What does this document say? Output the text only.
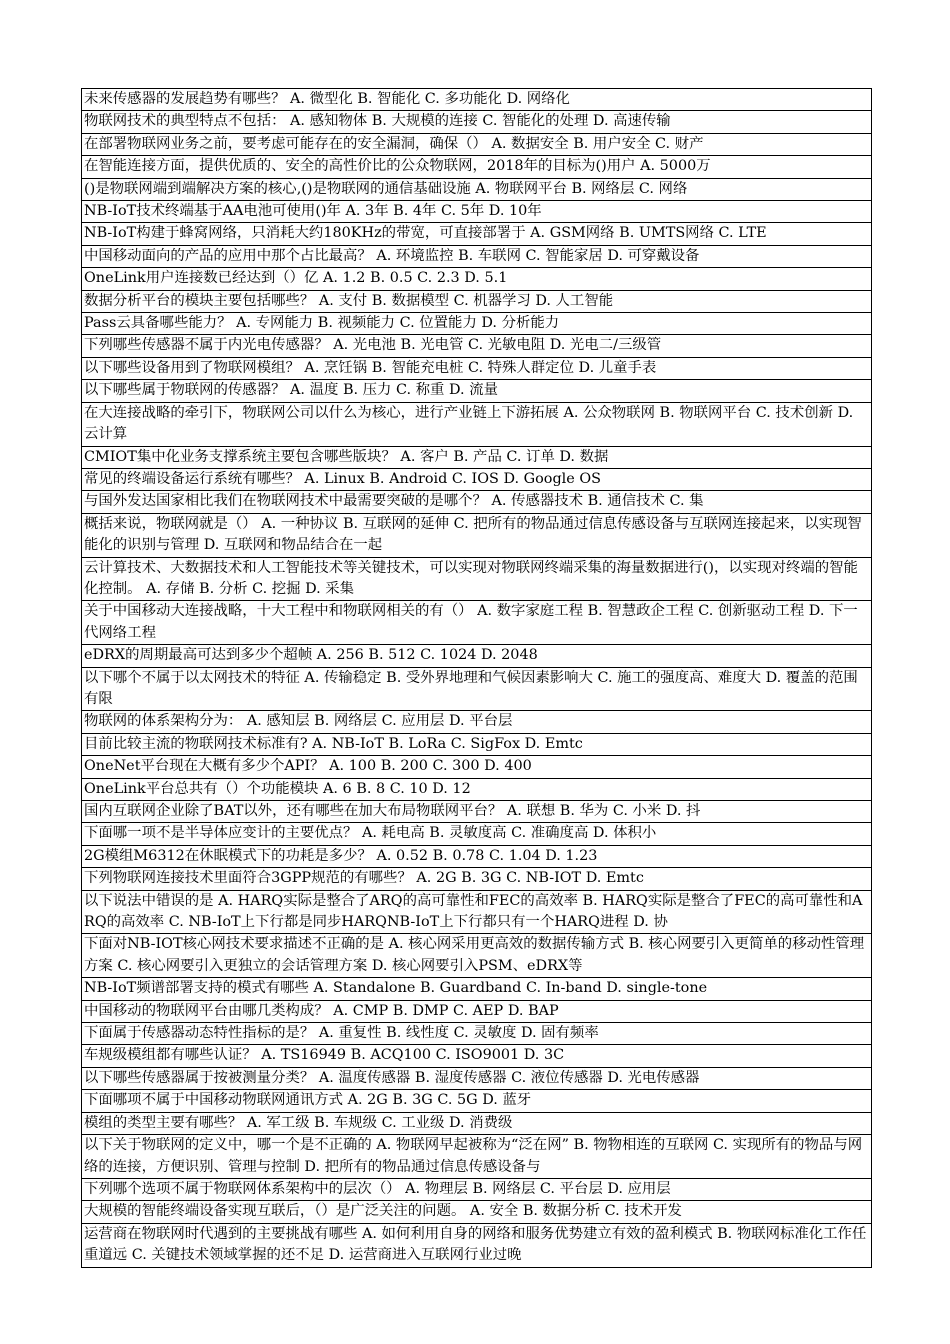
未来传感器的发展趋势有哪些？ A. 微型化 B. 智能化 C. 多功能化 D. 网络化
物联网技术的典型特点不包括： A. 感知物体 B. 大规模的连接 C. 智能化的处理 D. 高速传输
在部署物联网业务之前，要考虑可能存在的安全漏洞，确保（） A. 数据安全 B. 用户安全 C. 财产
在智能连接方面，提供优质的、安全的高性价比的公众物联网，2018年的目标为()用户 A. 5000万
()是物联网端到端解决方案的核心,()是物联网的通信基础设施 A. 物联网平台 B. 网络层 C. 网络
NB-IoT技术终端基于AA电池可使用()年 A. 3年 B. 4年 C. 5年 D. 10年
NB-IoT构建于蜂窝网络，只消耗大约180KHz的带宽，可直接部署于 A. GSM网络 B. UMTS网络 C. LTE
中国移动面向的产品的应用中那个占比最高？ A. 环境监控 B. 车联网 C. 智能家居 D. 可穿戴设备
OneLink用户连接数已经达到（）亿 A. 1.2 B. 0.5 C. 2.3 D. 5.1
数据分析平台的模块主要包括哪些？ A. 支付 B. 数据模型 C. 机器学习 D. 人工智能
Pass云具备哪些能力？ A. 专网能力 B. 视频能力 C. 位置能力 D. 分析能力
下列哪些传感器不属于内光电传感器？ A. 光电池 B. 光电管 C. 光敏电阻 D. 光电二/三级管
以下哪些设备用到了物联网模组？ A. 烹饪锅 B. 智能充电桩 C. 特殊人群定位 D. 儿童手表
以下哪些属于物联网的传感器？ A. 温度 B. 压力 C. 称重 D. 流量
在大连接战略的牵引下，物联网公司以什么为核心，进行产业链上下游拓展 A. 公众物联网 B. 物联网平台 C. 技术创新 D. 云计算
CMIOT集中化业务支撑系统主要包含哪些版块？ A. 客户 B. 产品 C. 订单 D. 数据
常见的终端设备运行系统有哪些？ A. Linux B. Android C. IOS D. Google OS
与国外发达国家相比我们在物联网技术中最需要突破的是哪个？ A. 传感器技术 B. 通信技术 C. 集
概括来说，物联网就是（） A. 一种协议 B. 互联网的延伸 C. 把所有的物品通过信息传感设备与互联网连接起来，以实现智能化的识别与管理 D. 互联网和物品结合在一起
云计算技术、大数据技术和人工智能技术等关键技术，可以实现对物联网终端采集的海量数据进行()，以实现对终端的智能化控制。 A. 存储 B. 分析 C. 挖掘 D. 采集
关于中国移动大连接战略，十大工程中和物联网相关的有（） A. 数字家庭工程 B. 智慧政企工程 C. 创新驱动工程 D. 下一代网络工程
eDRX的周期最高可达到多少个超帧 A. 256 B. 512 C. 1024 D. 2048
以下哪个不属于以太网技术的特征 A. 传输稳定 B. 受外界地理和气候因素影响大 C. 施工的强度高、难度大 D. 覆盖的范围有限
物联网的体系架构分为： A. 感知层 B. 网络层 C. 应用层 D. 平台层
目前比较主流的物联网技术标准有? A. NB-IoT B. LoRa C. SigFox D. Emtc
OneNet平台现在大概有多少个API？ A. 100 B. 200 C. 300 D. 400
OneLink平台总共有（）个功能模块 A. 6 B. 8 C. 10 D. 12
国内互联网企业除了BAT以外，还有哪些在加大布局物联网平台？ A. 联想 B. 华为 C. 小米 D. 抖
下面哪一项不是半导体应变计的主要优点？ A. 耗电高 B. 灵敏度高 C. 准确度高 D. 体积小
2G模组M6312在休眠模式下的功耗是多少？ A. 0.52 B. 0.78 C. 1.04 D. 1.23
下列物联网连接技术里面符合3GPP规范的有哪些？ A. 2G B. 3G C. NB-IOT D. Emtc
以下说法中错误的是 A. HARQ实际是整合了ARQ的高可靠性和FEC的高效率 B. HARQ实际是整合了FEC的高可靠性和ARQ的高效率 C. NB-IoT上下行都是同步HARQNB-IoT上下行都只有一个HARQ进程 D. 协
下面对NB-IOT核心网技术要求描述不正确的是 A. 核心网采用更高效的数据传输方式 B. 核心网要引入更简单的移动性管理方案 C. 核心网要引入更独立的会话管理方案 D. 核心网要引入PSM、eDRX等
NB-IoT频谱部署支持的模式有哪些 A. Standalone B. Guardband C. In-band D. single-tone
中国移动的物联网平台由哪几类构成？ A. CMP B. DMP C. AEP D. BAP
下面属于传感器动态特性指标的是？ A. 重复性 B. 线性度 C. 灵敏度 D. 固有频率
车规级模组都有哪些认证？ A. TS16949 B. ACQ100 C. ISO9001 D. 3C
以下哪些传感器属于按被测量分类？ A. 温度传感器 B. 湿度传感器 C. 液位传感器 D. 光电传感器
下面哪项不属于中国移动物联网通讯方式 A. 2G B. 3G C. 5G D. 蓝牙
模组的类型主要有哪些？ A. 军工级 B. 车规级 C. 工业级 D. 消费级
以下关于物联网的定义中，哪一个是不正确的 A. 物联网早起被称为“泛在网” B. 物物相连的互联网 C. 实现所有的物品与网络的连接，方便识别、管理与控制 D. 把所有的物品通过信息传感设备与
下列哪个选项不属于物联网体系架构中的层次（） A. 物理层 B. 网络层 C. 平台层 D. 应用层
大规模的智能终端设备实现互联后，（）是广泛关注的问题。 A. 安全 B. 数据分析 C. 技术开发
运营商在物联网时代遇到的主要挑战有哪些 A. 如何利用自身的网络和服务优势建立有效的盈利模式 B. 物联网标准化工作任重道远 C. 关键技术领域掌握的还不足 D. 运营商进入互联网行业过晚
